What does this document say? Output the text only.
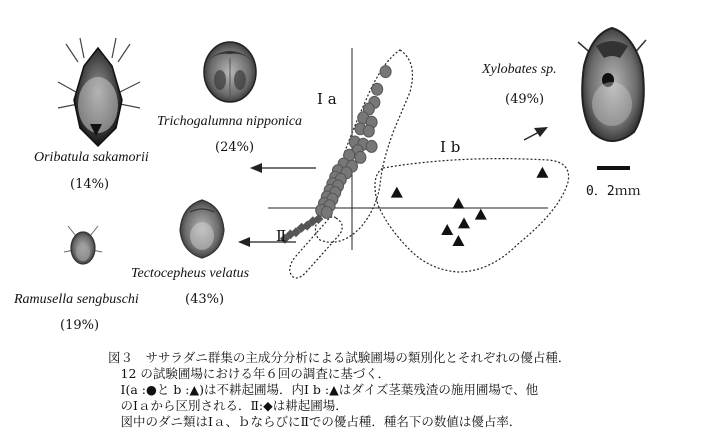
Oribatula sakamorii
(14%)
Trichogalumna nipponica
(24%)
Xylobates sp.
(49%)
Ramusella sengbuschi
(19%)
Tectocepheus velatus
(43%)
Ⅰ a
Ⅰ b
Ⅱ
0．2ｍｍ
図３　ササラダニ群集の主成分分析による試験圃場の類別化とそれぞれの優占種．
　12 の試験圃場における年６回の調査に基づく．
　Ⅰ(a :●と b :▲)は不耕起圃場．内Ⅰ b :▲はダイズ茎葉残渣の施用圃場で、他
　のⅠａから区別される．Ⅱ:◆は耕起圃場．
　図中のダニ類はⅠａ、ｂならびにⅡでの優占種．種名下の数値は優占率．
